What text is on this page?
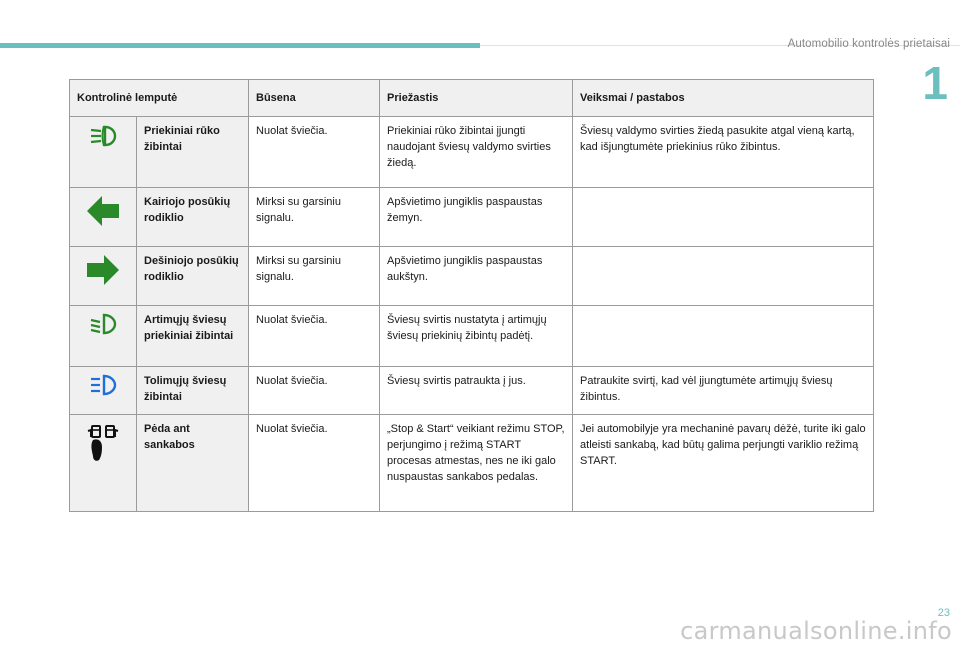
Automobilio kontrolės prietaisai
1
Kontrolinė lemputė		Būsena	Priežastis	Veiksmai / pastabos

	Priekiniai rūko žibintai	Nuolat šviečia.	Priekiniai rūko žibintai įjungti naudojant šviesų valdymo svirties žiedą.	Šviesų valdymo svirties žiedą pasukite atgal vieną kartą, kad išjungtumėte priekinius rūko žibintus.

	Kairiojo posūkių rodiklio	Mirksi su garsiniu signalu.	Apšvietimo jungiklis paspaustas žemyn.	

	Dešiniojo posūkių rodiklio	Mirksi su garsiniu signalu.	Apšvietimo jungiklis paspaustas aukštyn.	

	Artimųjų šviesų priekiniai žibintai	Nuolat šviečia.	Šviesų svirtis nustatyta į artimųjų šviesų priekinių žibintų padėtį.	

	Tolimųjų šviesų žibintai	Nuolat šviečia.	Šviesų svirtis patraukta į jus.	Patraukite svirtį, kad vėl įjungtumėte artimųjų šviesų žibintus.

	Pėda ant sankabos	Nuolat šviečia.	„Stop & Start“ veikiant režimu STOP, perjungimo į režimą START procesas atmestas, nes ne iki galo nuspaustas sankabos pedalas.	Jei automobilyje yra mechaninė pavarų dėžė, turite iki galo atleisti sankabą, kad būtų galima perjungti variklio režimą START.
23
carmanualsonline.info
